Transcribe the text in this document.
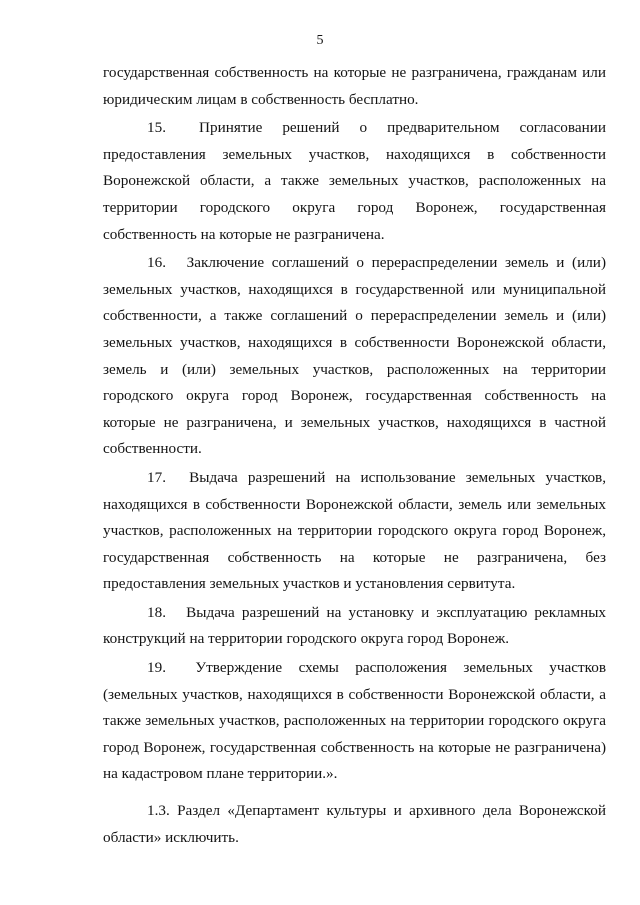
5

государственная собственность на которые не разграничена, гражданам или юридическим лицам в собственность бесплатно.

15. Принятие решений о предварительном согласовании предоставления земельных участков, находящихся в собственности Воронежской области, а также земельных участков, расположенных на территории городского округа город Воронеж, государственная собственность на которые не разграничена.

16. Заключение соглашений о перераспределении земель и (или) земельных участков, находящихся в государственной или муниципальной собственности, а также соглашений о перераспределении земель и (или) земельных участков, находящихся в собственности Воронежской области, земель и (или) земельных участков, расположенных на территории городского округа город Воронеж, государственная собственность на которые не разграничена, и земельных участков, находящихся в частной собственности.

17. Выдача разрешений на использование земельных участков, находящихся в собственности Воронежской области, земель или земельных участков, расположенных на территории городского округа город Воронеж, государственная собственность на которые не разграничена, без предоставления земельных участков и установления сервитута.

18. Выдача разрешений на установку и эксплуатацию рекламных конструкций на территории городского округа город Воронеж.

19. Утверждение схемы расположения земельных участков (земельных участков, находящихся в собственности Воронежской области, а также земельных участков, расположенных на территории городского округа город Воронеж, государственная собственность на которые не разграничена) на кадастровом плане территории.».

1.3. Раздел «Департамент культуры и архивного дела Воронежской области» исключить.
